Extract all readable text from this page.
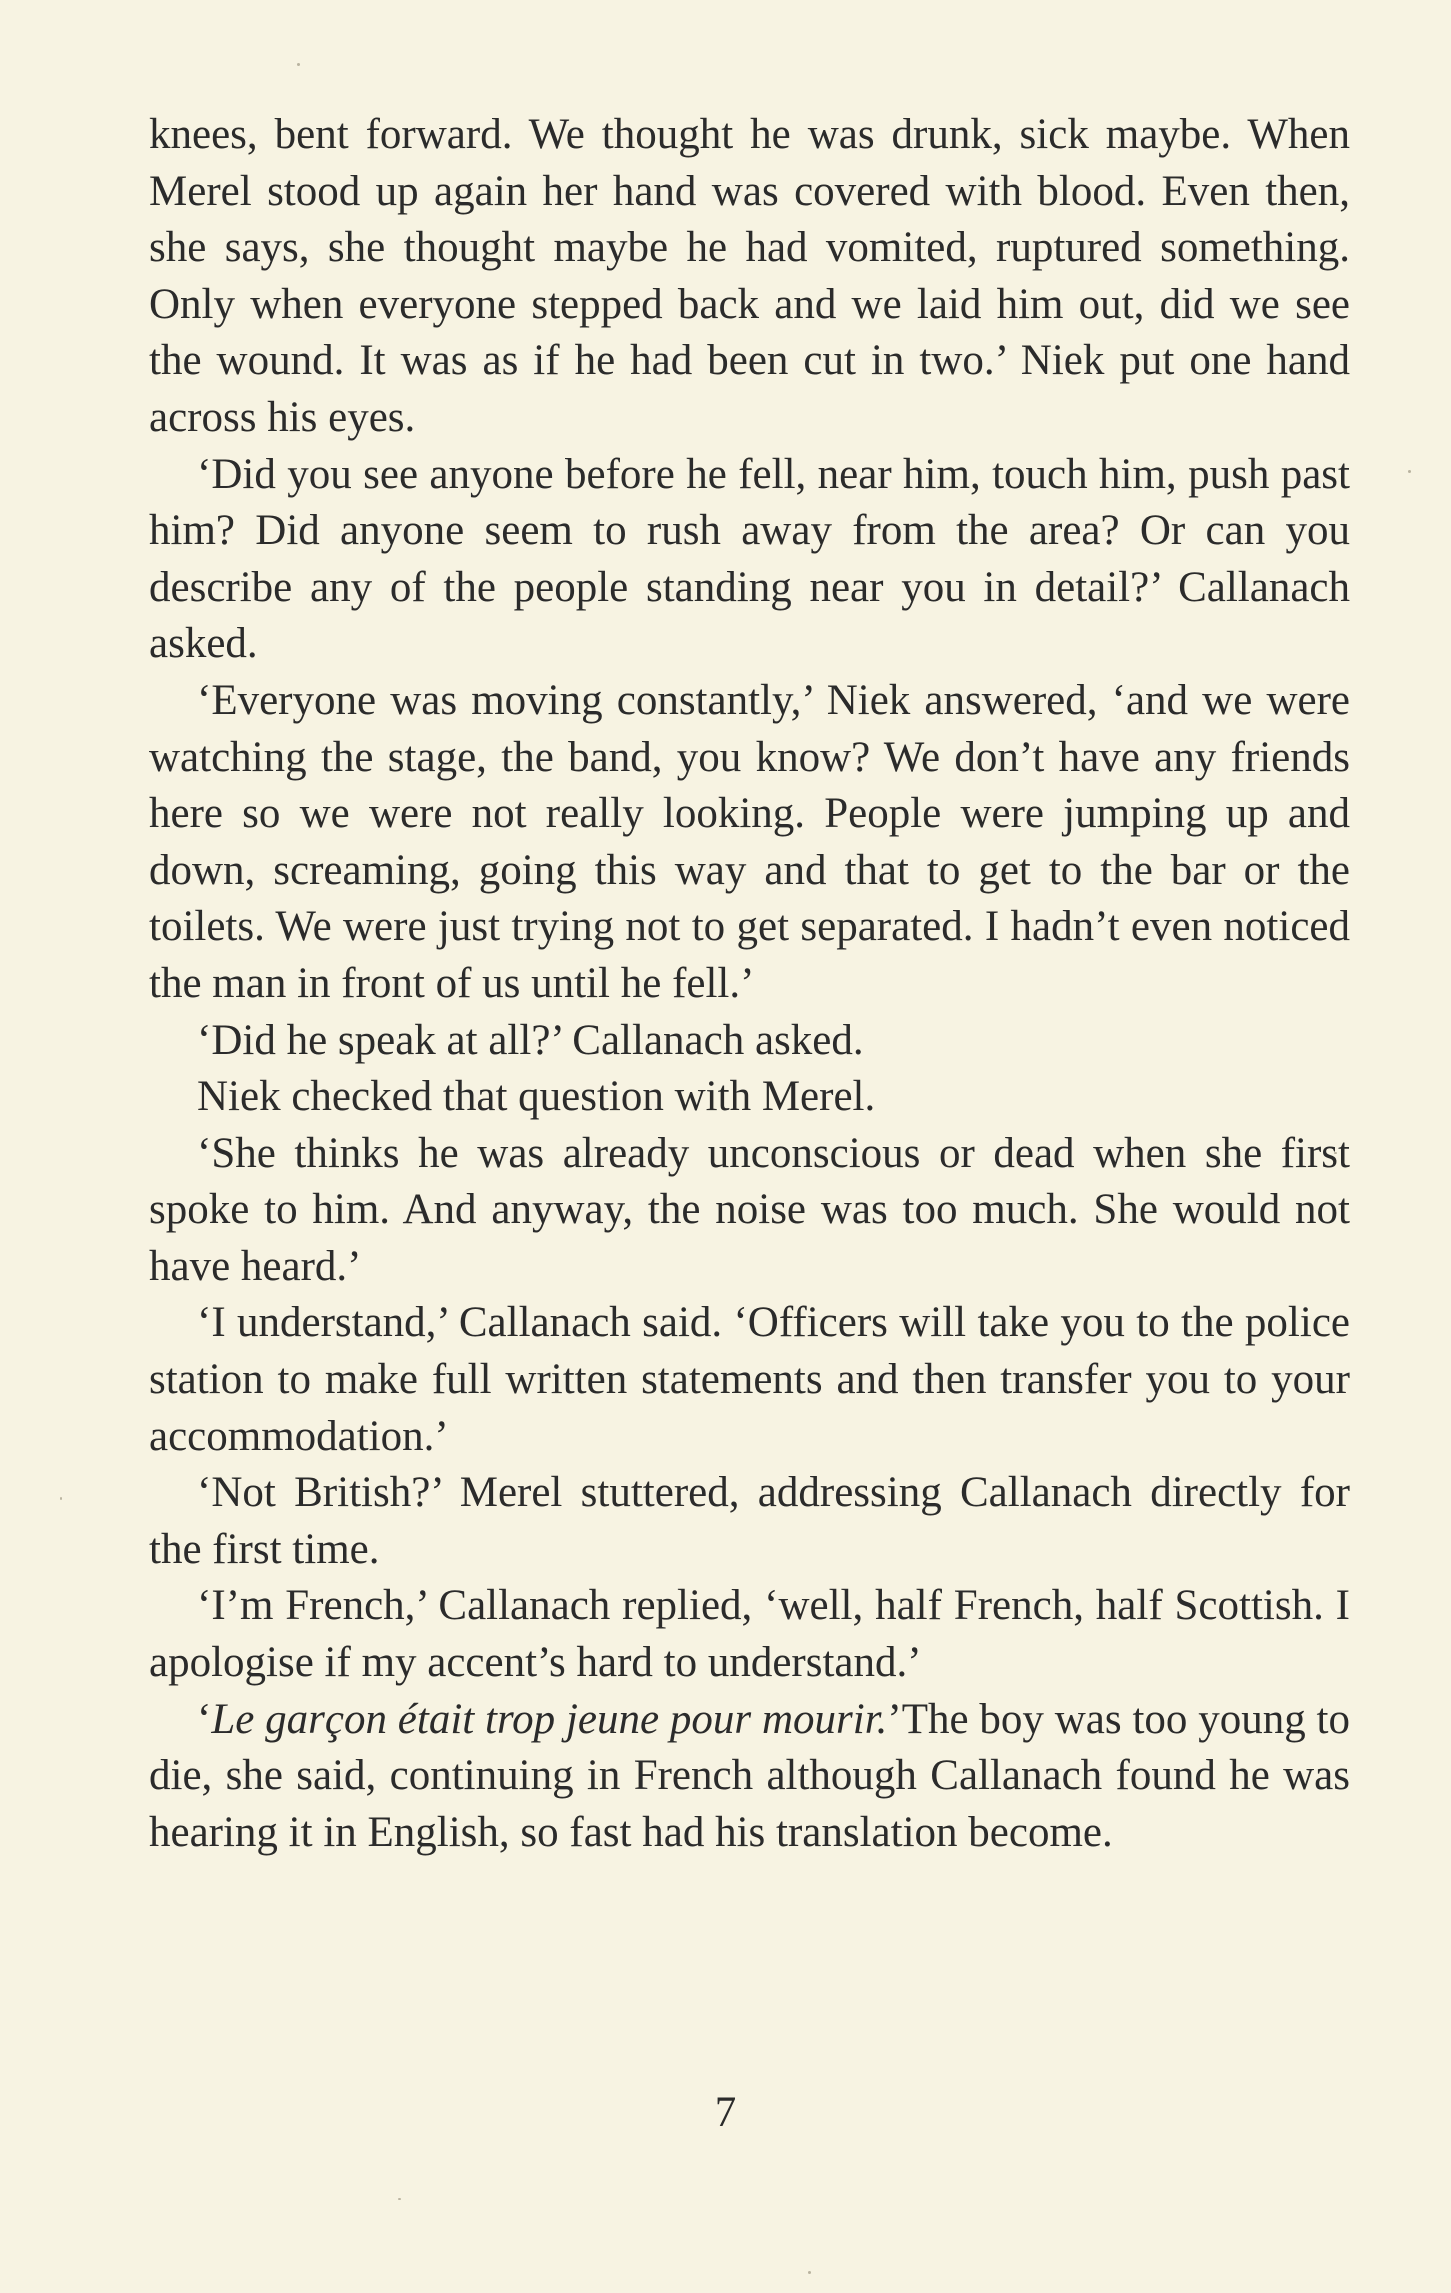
knees, bent forward. We thought he was drunk, sick maybe. When Merel stood up again her hand was covered with blood. Even then, she says, she thought maybe he had vomited, ruptured something. Only when everyone stepped back and we laid him out, did we see the wound. It was as if he had been cut in two.’ Niek put one hand across his eyes.

‘Did you see anyone before he fell, near him, touch him, push past him? Did anyone seem to rush away from the area? Or can you describe any of the people standing near you in detail?’ Callanach asked.

‘Everyone was moving constantly,’ Niek answered, ‘and we were watching the stage, the band, you know? We don’t have any friends here so we were not really looking. People were jumping up and down, screaming, going this way and that to get to the bar or the toilets. We were just trying not to get separated. I hadn’t even noticed the man in front of us until he fell.’

‘Did he speak at all?’ Callanach asked.

Niek checked that question with Merel.

‘She thinks he was already unconscious or dead when she first spoke to him. And anyway, the noise was too much. She would not have heard.’

‘I understand,’ Callanach said. ‘Officers will take you to the police station to make full written statements and then transfer you to your accommodation.’

‘Not British?’ Merel stuttered, addressing Callanach directly for the first time.

‘I’m French,’ Callanach replied, ‘well, half French, half Scottish. I apologise if my accent’s hard to understand.’

‘Le garçon était trop jeune pour mourir.’The boy was too young to die, she said, continuing in French although Callanach found he was hearing it in English, so fast had his translation become.

7
